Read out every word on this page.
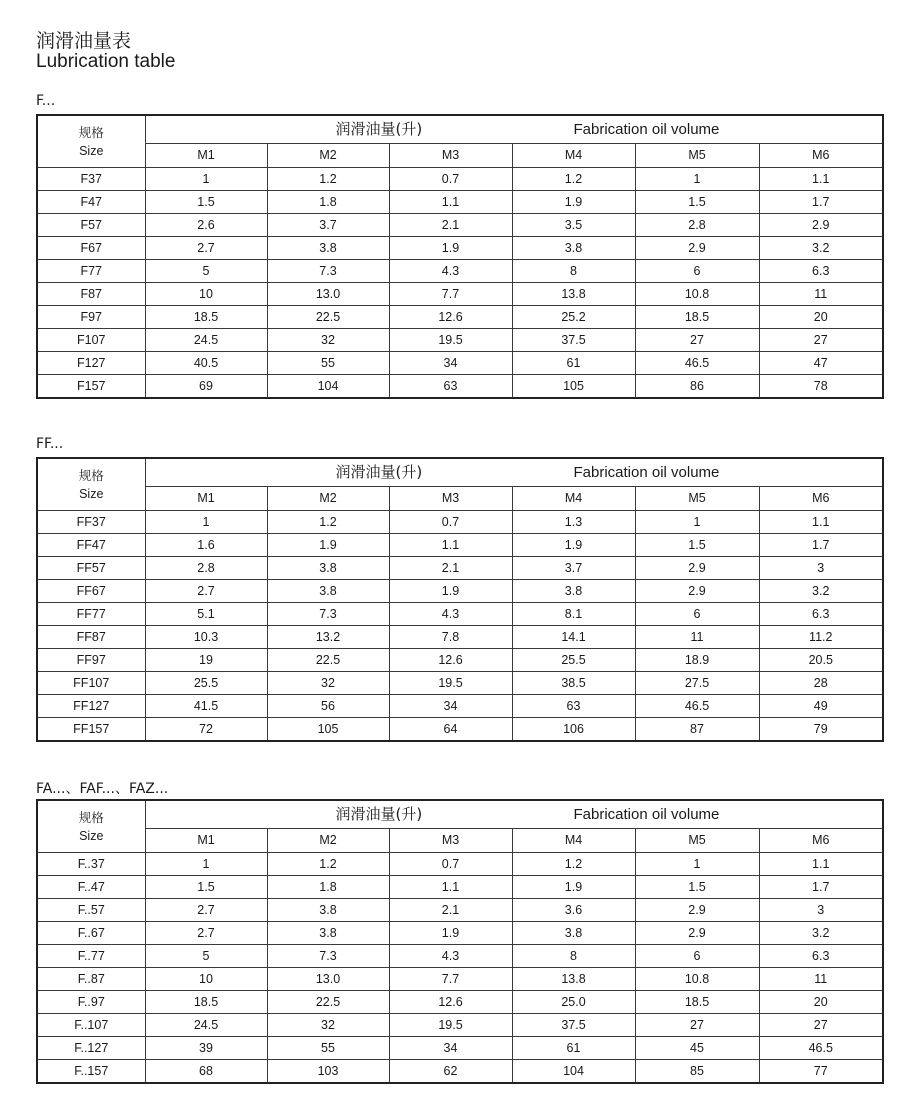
润滑油量表
Lubrication table
F...
规格
Size	润滑油量(升) Fabrication oil volume					

	M1	M2	M3	M4	M5	M6
F37	1	1.2	0.7	1.2	1	1.1
F47	1.5	1.8	1.1	1.9	1.5	1.7
F57	2.6	3.7	2.1	3.5	2.8	2.9
F67	2.7	3.8	1.9	3.8	2.9	3.2
F77	5	7.3	4.3	8	6	6.3
F87	10	13.0	7.7	13.8	10.8	11
F97	18.5	22.5	12.6	25.2	18.5	20
F107	24.5	32	19.5	37.5	27	27
F127	40.5	55	34	61	46.5	47
F157	69	104	63	105	86	78
FF...
规格
Size	润滑油量(升) Fabrication oil volume					

	M1	M2	M3	M4	M5	M6
FF37	1	1.2	0.7	1.3	1	1.1
FF47	1.6	1.9	1.1	1.9	1.5	1.7
FF57	2.8	3.8	2.1	3.7	2.9	3
FF67	2.7	3.8	1.9	3.8	2.9	3.2
FF77	5.1	7.3	4.3	8.1	6	6.3
FF87	10.3	13.2	7.8	14.1	11	11.2
FF97	19	22.5	12.6	25.5	18.9	20.5
FF107	25.5	32	19.5	38.5	27.5	28
FF127	41.5	56	34	63	46.5	49
FF157	72	105	64	106	87	79
FA...、FAF...、FAZ...
规格
Size	润滑油量(升) Fabrication oil volume					

	M1	M2	M3	M4	M5	M6
F..37	1	1.2	0.7	1.2	1	1.1
F..47	1.5	1.8	1.1	1.9	1.5	1.7
F..57	2.7	3.8	2.1	3.6	2.9	3
F..67	2.7	3.8	1.9	3.8	2.9	3.2
F..77	5	7.3	4.3	8	6	6.3
F..87	10	13.0	7.7	13.8	10.8	11
F..97	18.5	22.5	12.6	25.0	18.5	20
F..107	24.5	32	19.5	37.5	27	27
F..127	39	55	34	61	45	46.5
F..157	68	103	62	104	85	77
